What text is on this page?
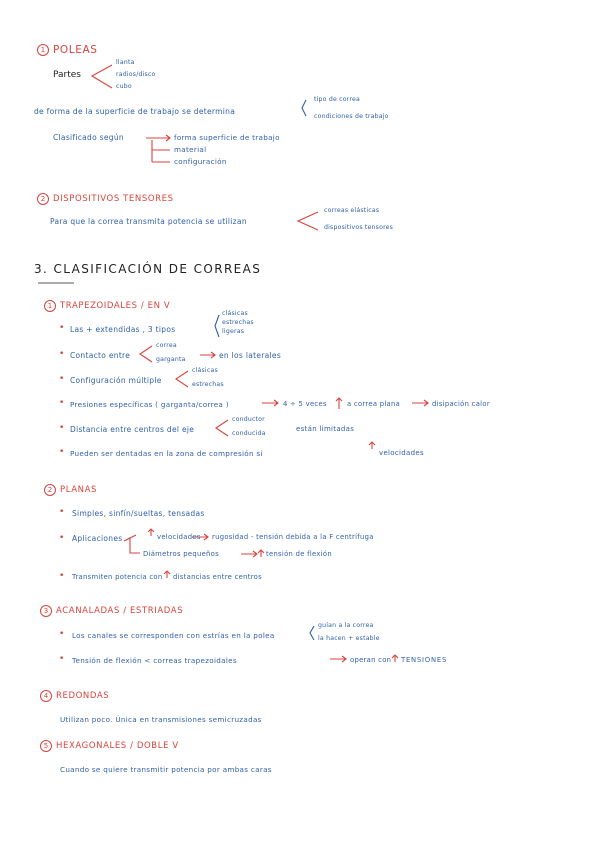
1 POLEAS
Partes
llanta
radios/disco
cubo
de forma de la superficie de trabajo se determina
tipo de correa
condiciones de trabajo
Clasificado según	forma superficie de trabajo
material
configuración
2 DISPOSITIVOS TENSORES
Para que la correa transmita potencia se utilizan
correas elásticas
dispositivos tensores
3. CLASIFICACIÓN DE CORREAS
1 TRAPEZOIDALES / EN V
• Las + extendidas , 3 tipos
clásicas
estrechas
ligeras
• Contacto entre
correa
garganta	en los laterales
• Configuración múltiple
clásicas
estrechas
• Presiones específicas ( garganta/correa )	4 ÷ 5 veces	a correa plana	disipación calor
• Distancia entre centros del eje
conductor
conducida
están limitadas
• Pueden ser dentadas en la zona de compresión si	velocidades
2 PLANAS
• Simples, sinfín/sueltas, tensadas
• Aplicaciones	velocidades rugosidad - tensión debida a la F centrífuga
Diámetros pequeños	tensión de flexión
• Transmiten potencia con distancias entre centros
3 ACANALADAS / ESTRIADAS
• Los canales se corresponden con estrías en la polea
guían a la correa
la hacen + estable
• Tensión de flexión < correas trapezoidales	operan con TENSIONES
4 REDONDAS
Utilizan poco. Única en transmisiones semicruzadas
5 HEXAGONALES / DOBLE V
Cuando se quiere transmitir potencia por ambas caras
